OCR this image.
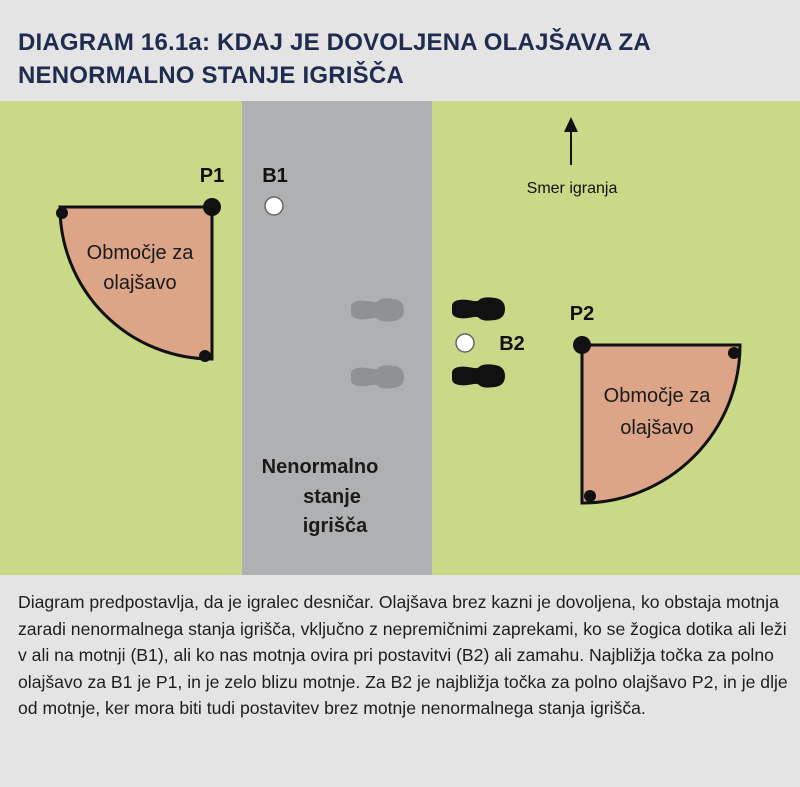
DIAGRAM 16.1a: KDAJ JE DOVOLJENA OLAJŠAVA ZA
NENORMALNO STANJE IGRIŠČA
Nenormalno
stanje
igrišča
Območje za
olajšavo
P1 B1
B2
Območje za
olajšavo
P2
Smer igranja

Diagram predpostavlja, da je igralec desničar. Olajšava brez kazni je dovoljena, ko obstaja motnja zaradi nenormalnega stanja igrišča, vključno z nepremičnimi zaprekami, ko se žogica dotika ali leži v ali na motnji (B1), ali ko nas motnja ovira pri postavitvi (B2) ali zamahu. Najbližja točka za polno olajšavo za B1 je P1, in je zelo blizu motnje. Za B2 je najbližja točka za polno olajšavo P2, in je dlje od motnje, ker mora biti tudi postavitev brez motnje nenormalnega stanja igrišča.
